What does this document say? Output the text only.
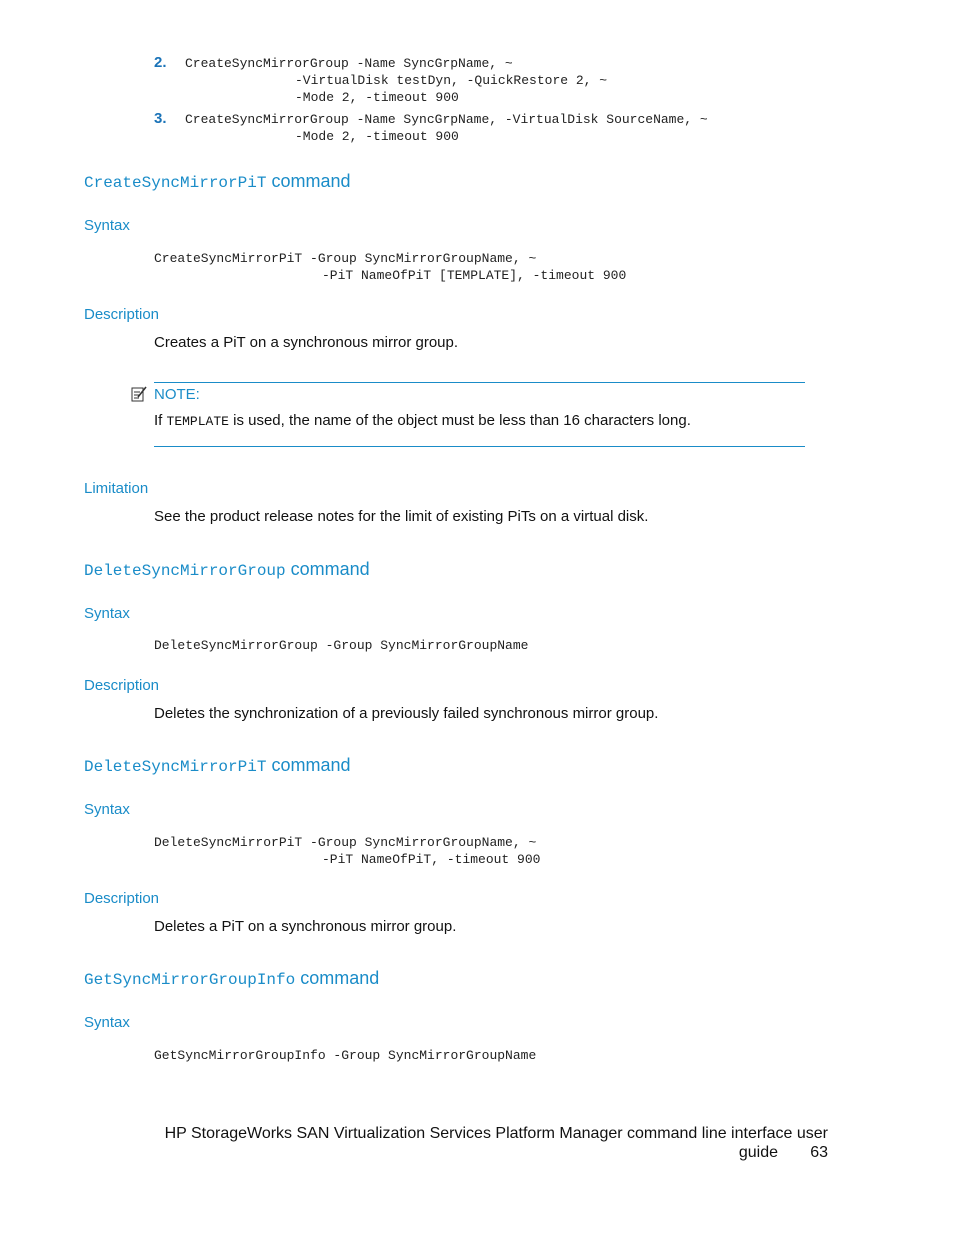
2. CreateSyncMirrorGroup -Name SyncGrpName, ~
-VirtualDisk testDyn, -QuickRestore 2, ~
-Mode 2, -timeout 900
3. CreateSyncMirrorGroup -Name SyncGrpName, -VirtualDisk SourceName, ~
-Mode 2, -timeout 900
CreateSyncMirrorPiT command
Syntax
CreateSyncMirrorPiT -Group SyncMirrorGroupName, ~
-PiT NameOfPiT [TEMPLATE], -timeout 900
Description
Creates a PiT on a synchronous mirror group.
NOTE:
If TEMPLATE is used, the name of the object must be less than 16 characters long.
Limitation
See the product release notes for the limit of existing PiTs on a virtual disk.
DeleteSyncMirrorGroup command
Syntax
DeleteSyncMirrorGroup -Group SyncMirrorGroupName
Description
Deletes the synchronization of a previously failed synchronous mirror group.
DeleteSyncMirrorPiT command
Syntax
DeleteSyncMirrorPiT -Group SyncMirrorGroupName, ~
-PiT NameOfPiT, -timeout 900
Description
Deletes a PiT on a synchronous mirror group.
GetSyncMirrorGroupInfo command
Syntax
GetSyncMirrorGroupInfo -Group SyncMirrorGroupName
HP StorageWorks SAN Virtualization Services Platform Manager command line interface user
guide 63
